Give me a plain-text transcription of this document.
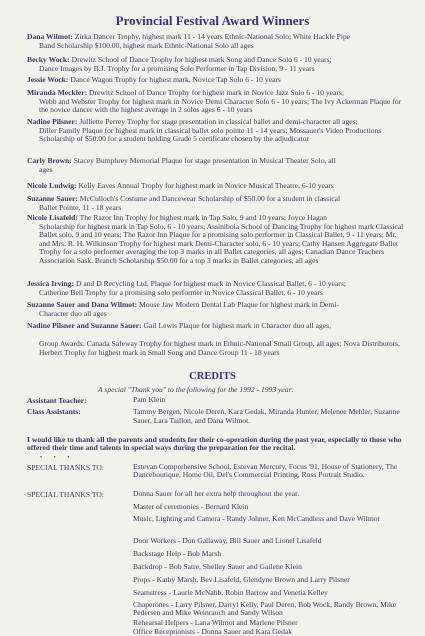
Provincial Festival Award Winners
Dana Wilmot: Zirka Dancer Trophy, highest mark 11 - 14 years Ethnic-National Solo; White Hackle Pipe
Band Scholarship $100.00, highest mark Ethnic-National Solo all ages
Becky Wock: Drewitz School of Dance Trophy for highest mark Song and Dance Solo 6 - 10 years;
Dance Images by B.J. Trophy for a promising Solo Performer in Tap Division, 9 - 11 years
Jessie Wock: Dance Wagon Trophy for highest mark, Novice Tap Solo 6 - 10 years
Miranda Meckler: Drewitz School of Dance Trophy for highest mark in Novice Jazz Solo 6 - 10 years;
Webb and Webster Trophy for highest mark in Novice Demi Character Solo 6 - 10 years; The Ivy Ackerman Plaque for the novice dancer with the highest average in 2 solos ages 6 - 10 years
Nadine Pilsner: Julliette Perrey Trophy for stage presentation in classical ballet and demi-character all ages;
Diller Family Plaque for highest mark in classical ballet solo pointe 11 - 14 years; Mossauer's Video Productions Scholarship of $50.00 for a student holding Grade 5 certificate chosen by the adjudicator
Carly Brown: Stacey Bumphrey Memorial Plaque for stage presentation in Musical Theater Solo, all
ages
Nicole Ludwig: Kelly Eaves Annual Trophy for highest mark in Novice Musical Theatre, 6-10 years
Suzanne Sauer: McCulloch's Costume and Dancewear Scholarship of $50.00 for a student in classical
Ballet Pointe, 11 - 18 years
Nicole Lisafeld: The Razor Inn Trophy for highest mark in Tap Solo, 9 and 10 years; Joyce Hagan
Scholarship for highest mark in Tap Solo, 6 - 10 years; Assiniboia School of Dancing Trophy for highest mark Classical Ballet solo, 9 and 10 years; The Razor Inn Plaque for a promising solo performer in Classical Ballet, 9 - 11 years; Mr. and Mrs. R. H. Wilkinson Trophy for highest mark Demi-Character solo, 6 - 10 years; Cathy Hansen Aggregate Ballet Trophy for a solo performer averaging the top 3 marks in all Ballet categories, all ages; Canadian Dance Teachers Association Sask. Branch Scholarship $50.00 for a top 3 marks in Ballet categories, all ages
Jessica Irving: D and D Recycling Ltd. Plaque for highest mark in Novice Classical Ballet, 6 - 10 years;
Catherine Bell Trophy for a promising solo performer in Novice Classical Ballet, 6 - 10 years
Suzanne Sauer and Dana Wilmot: Moose Jaw Modern Dental Lab Plaque for highest mark in Demi-
Character duo all ages
Nadine Pilsner and Suzanne Sauer: Gail Lewis Plaque for highest mark in Character duo all ages,
Group Awards: Canada Safeway Trophy for highest mark in Ethnic-National Small Group, all ages; Nova Distributors, Herbert Trophy for highest mark in Small Song and Dance Group 11 - 18 years
CREDITS
A special "Thank you" to the following for the 1992 - 1993 year:
Assistant Teacher:	Pam Klein
Class Assistants:	Tammy Bergen, Nicole Deren, Kara Gedak, Miranda Hunter, Melenee Mehler, Suzanne Sauer, Lara Taillon, and Dana Wilmot.
I would like to thank all the parents and students for their co-operation during the past year, especially to those who offered their time and talents in special ways during the preparation for the recital.
• • •
SPECIAL THANKS TO:	Estevan Comprehensive School, Estevan Mercury, Focus '91, House of Stationery, The Danceboutique, Home Oil, Del's Commercial Printing, Ross Portrait Studio.
SPECIAL THANKS TO:	Donna Sauer for all her extra help throughout the year.
Master of ceremonies - Bernard Klein
Music, Lighting and Camera - Randy Johner, Ken McCandless and Dave Wilmot
Door Workers - Don Gallaway, Bill Sauer and Lionel Lisafeld
Backstage Help - Bob Marsh
Backdrop - Bob Satre, Shelley Sauer and Gailene Klein
Props - Kathy Marsh, Bev Lisafeld, Glendyne Brown and Larry Pilsner
Seamstress - Laurie McNabb, Robin Barrow and Venetia Kelley
Chaperones - Larry Pilsner, Darryl Kelly, Paul Deren, Bob Wock, Randy Brown, Mike Pedersen and Mike Weinrauch and Sandy Wilson
Rehearsal Helpers - Lana Wilmot and Marlene Pilsner
Office Receptionists - Donna Sauer and Kara Gedak
